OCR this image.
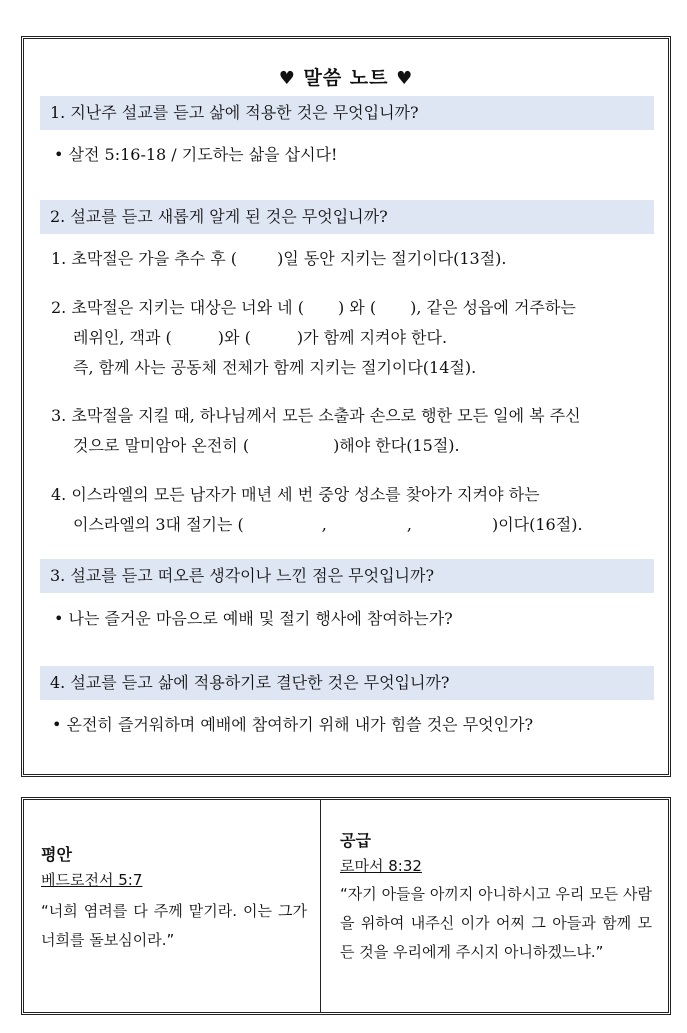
♥ 말씀 노트 ♥
1. 지난주 설교를 듣고 삶에 적용한 것은 무엇입니까?
• 살전 5:16-18 / 기도하는 삶을 삽시다!
2. 설교를 듣고 새롭게 알게 된 것은 무엇입니까?
1. 초막절은 가을 추수 후 (	)일 동안 지키는 절기이다(13절).
2. 초막절은 지키는 대상은 너와 네 ( ) 와 ( ), 같은 성읍에 거주하는
레위인, 객과 (	)와 (	)가 함께 지켜야 한다.
즉, 함께 사는 공동체 전체가 함께 지키는 절기이다(14절).
3. 초막절을 지킬 때, 하나님께서 모든 소출과 손으로 행한 모든 일에 복 주신
것으로 말미암아 온전히 (	)해야 한다(15절).
4. 이스라엘의 모든 남자가 매년 세 번 중앙 성소를 찾아가 지켜야 하는
이스라엘의 3대 절기는 (	,	,	)이다(16절).
3. 설교를 듣고 떠오른 생각이나 느낀 점은 무엇입니까?
• 나는 즐거운 마음으로 예배 및 절기 행사에 참여하는가?
4. 설교를 듣고 삶에 적용하기로 결단한 것은 무엇입니까?
• 온전히 즐거워하며 예배에 참여하기 위해 내가 힘쓸 것은 무엇인가?
평안
베드로전서 5:7
“너희 염려를 다 주께 맡기라. 이는 그가 너희를 돌보심이라.”
공급
로마서 8:32
“자기 아들을 아끼지 아니하시고 우리 모든 사람을 위하여 내주신 이가 어찌 그 아들과 함께 모든 것을 우리에게 주시지 아니하겠느냐.”
